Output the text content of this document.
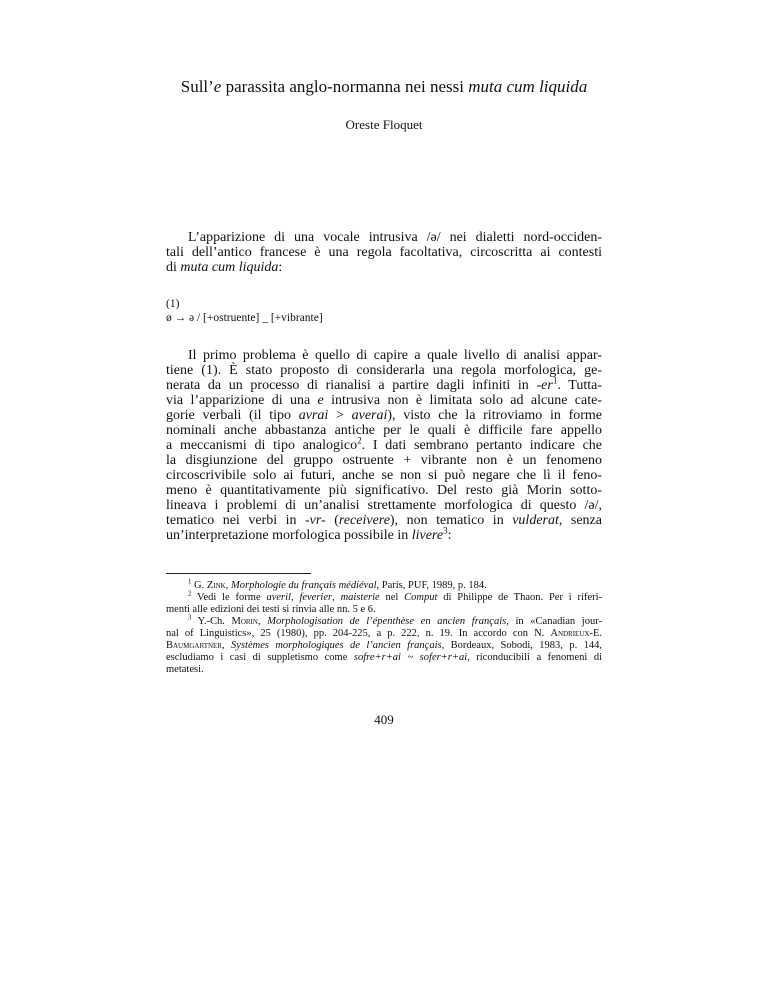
Sull’e parassita anglo-normanna nei nessi muta cum liquida
Oreste Floquet
L’apparizione di una vocale intrusiva /ə/ nei dialetti nord-occiden-
tali dell’antico francese è una regola facoltativa, circoscritta ai contesti
di muta cum liquida:
(1)
ø → ə / [+ostruente] _ [+vibrante]
Il primo problema è quello di capire a quale livello di analisi appar-
tiene (1). È stato proposto di considerarla una regola morfologica, ge-
nerata da un processo di rianalisi a partire dagli infiniti in $-er^1$. Tutta-
via l’apparizione di una e intrusiva non è limitata solo ad alcune cate-
gorie verbali (il tipo avrai > averai), visto che la ritroviamo in forme
nominali anche abbastanza antiche per le quali è difficile fare appello
a meccanismi di tipo analogico$^2$. I dati sembrano pertanto indicare che
la disgiunzione del gruppo ostruente + vibrante non è un fenomeno
circoscrivibile solo ai futuri, anche se non si può negare che lì il feno-
meno è quantitativamente più significativo. Del resto già Morin sotto-
lineava i problemi di un’analisi strettamente morfologica di questo /ə/,
tematico nei verbi in -vr- (receivere), non tematico in vulderat, senza
un’interpretazione morfologica possibile in livere$^3$:
$^1$ G. Zink, Morphologie du français médiéval, Paris, PUF, 1989, p. 184.
$^2$ Vedi le forme averil, feverier, maisterie nel Comput di Philippe de Thaon. Per i riferi-
menti alle edizioni dei testi si rinvia alle nn. 5 e 6.
$^3$ Y.-Ch. Morin, Morphologisation de l’épenthèse en ancien français, in «Canadian jour-
nal of Linguistics», 25 (1980), pp. 204-225, a p. 222, n. 19. In accordo con N. Andrieux-E.
Baumgartner, Systèmes morphologiques de l’ancien français, Bordeaux, Sobodi, 1983, p. 144,
escludiamo i casi di suppletismo come sofre+r+ai ~ sofer+r+ai, riconducibili a fenomeni di
metatesi.
409
